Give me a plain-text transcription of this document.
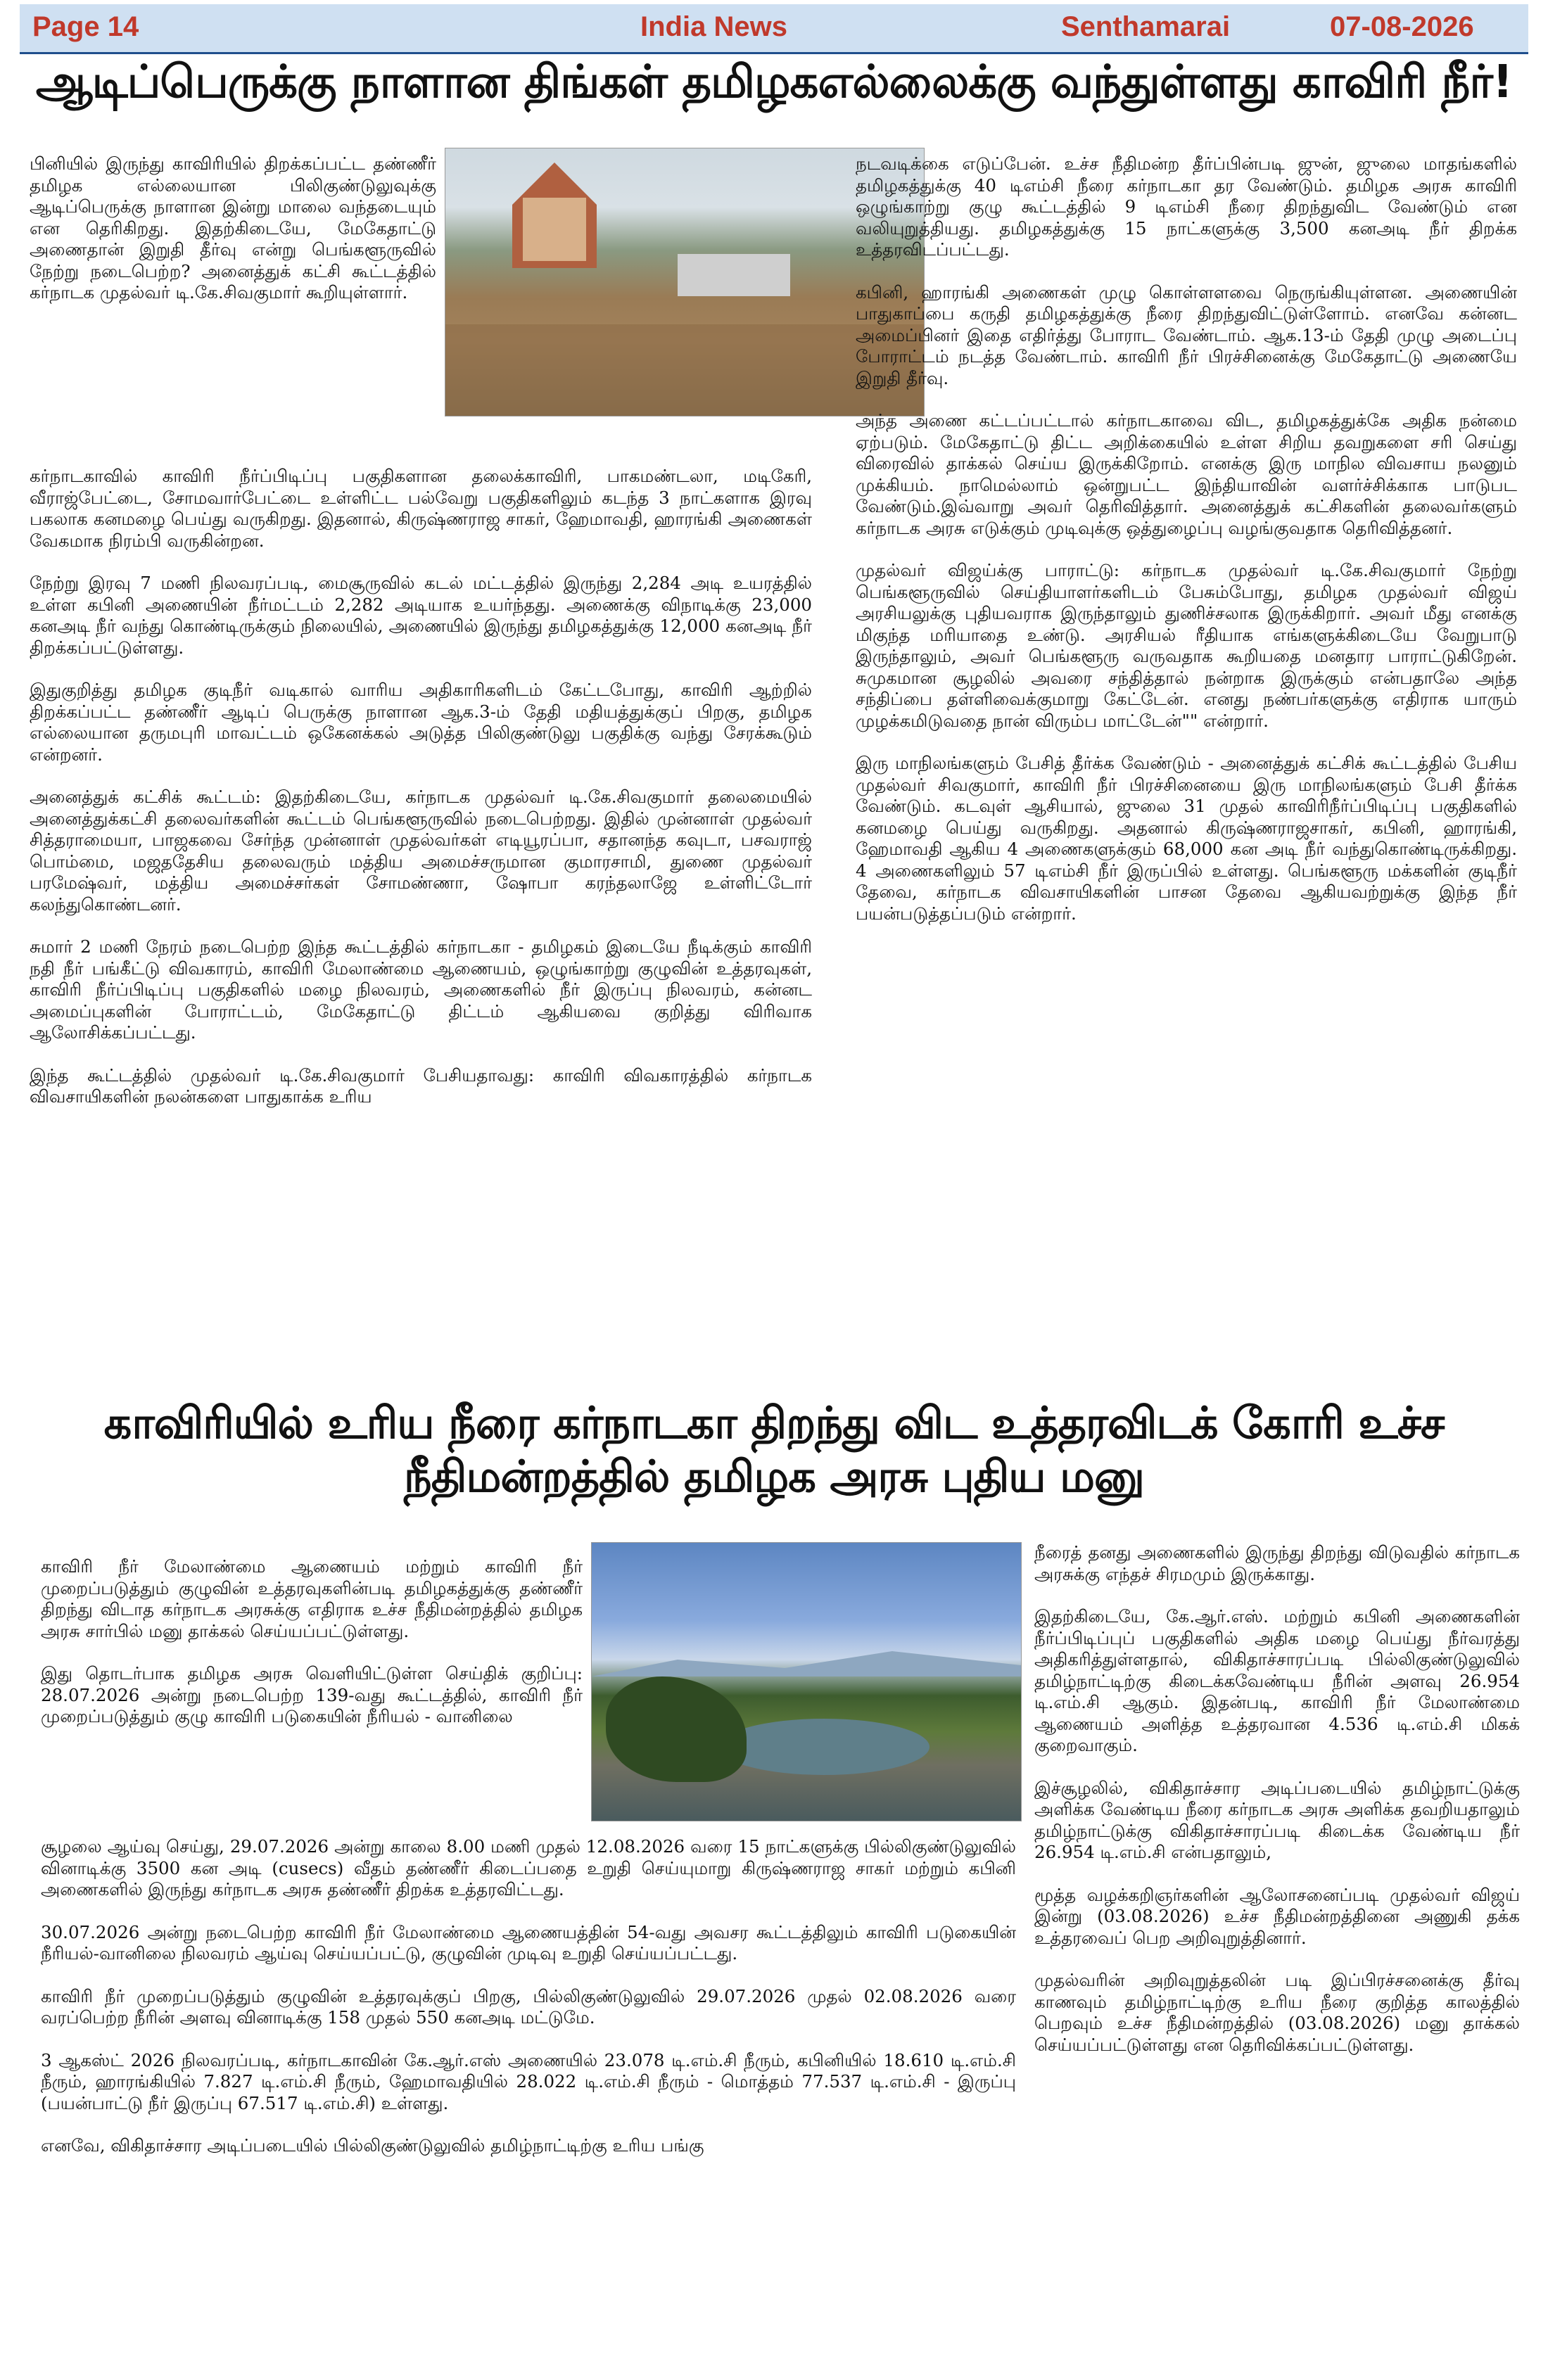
Page 14	India News	Senthamarai	07-08-2026
ஆடிப்பெருக்கு நாளான திங்கள் தமிழகஎல்லைக்கு வந்துள்ளது காவிரி நீர்!

பினியில் இருந்து காவிரியில் திறக்கப்பட்ட தண்ணீர் தமிழக எல்லையான பிலிகுண்டுலுவுக்கு ஆடிப்பெருக்கு நாளான இன்று மாலை வந்தடையும் என தெரிகிறது. இதற்கிடையே, மேகேதாட்டு அணைதான் இறுதி தீர்வு என்று பெங்களூருவில் நேற்று நடைபெற்ற? அனைத்துக் கட்சி கூட்டத்தில் கர்நாடக முதல்வர் டி.கே.சிவகுமார் கூறியுள்ளார்.

கர்நாடகாவில் காவிரி நீர்ப்பிடிப்பு பகுதிகளான தலைக்காவிரி, பாகமண்டலா, மடிகேரி, வீராஜ்பேட்டை, சோமவார்பேட்டை உள்ளிட்ட பல்வேறு பகுதிகளிலும் கடந்த 3 நாட்களாக இரவு பகலாக கனமழை பெய்து வருகிறது. இதனால், கிருஷ்ணராஜ சாகர், ஹேமாவதி, ஹாரங்கி அணைகள் வேகமாக நிரம்பி வருகின்றன.

நேற்று இரவு 7 மணி நிலவரப்படி, மைசூருவில் கடல் மட்டத்தில் இருந்து 2,284 அடி உயரத்தில் உள்ள கபினி அணையின் நீர்மட்டம் 2,282 அடியாக உயர்ந்தது. அணைக்கு விநாடிக்கு 23,000 கனஅடி நீர் வந்து கொண்டிருக்கும் நிலையில், அணையில் இருந்து தமிழகத்துக்கு 12,000 கனஅடி நீர் திறக்கப்பட்டுள்ளது.

இதுகுறித்து தமிழக குடிநீர் வடிகால் வாரிய அதிகாரிகளிடம் கேட்டபோது, காவிரி ஆற்றில் திறக்கப்பட்ட தண்ணீர் ஆடிப் பெருக்கு நாளான ஆக.3-ம் தேதி மதியத்துக்குப் பிறகு, தமிழக எல்லையான தருமபுரி மாவட்டம் ஒகேனக்கல் அடுத்த பிலிகுண்டுலு பகுதிக்கு வந்து சேரக்கூடும் என்றனர்.

அனைத்துக் கட்சிக் கூட்டம்: இதற்கிடையே, கர்நாடக முதல்வர் டி.கே.சிவகுமார் தலைமையில் அனைத்துக்கட்சி தலைவர்களின் கூட்டம் பெங்களூருவில் நடைபெற்றது. இதில் முன்னாள் முதல்வர் சித்தராமையா, பாஜகவை சேர்ந்த முன்னாள் முதல்வர்கள் எடியூரப்பா, சதானந்த கவுடா, பசவராஜ் பொம்மை, மஜததேசிய தலைவரும் மத்திய அமைச்சருமான குமாரசாமி, துணை முதல்வர் பரமேஷ்வர், மத்திய அமைச்சர்கள் சோமண்ணா, ஷோபா கரந்தலாஜே உள்ளிட்டோர் கலந்துகொண்டனர்.

சுமார் 2 மணி நேரம் நடைபெற்ற இந்த கூட்டத்தில் கர்நாடகா - தமிழகம் இடையே நீடிக்கும் காவிரி நதி நீர் பங்கீட்டு விவகாரம், காவிரி மேலாண்மை ஆணையம், ஒழுங்காற்று குழுவின் உத்தரவுகள், காவிரி நீர்ப்பிடிப்பு பகுதிகளில் மழை நிலவரம், அணைகளில் நீர் இருப்பு நிலவரம், கன்னட அமைப்புகளின் போராட்டம், மேகேதாட்டு திட்டம் ஆகியவை குறித்து விரிவாக ஆலோசிக்கப்பட்டது.

இந்த கூட்டத்தில் முதல்வர் டி.கே.சிவகுமார் பேசியதாவது: காவிரி விவகாரத்தில் கர்நாடக விவசாயிகளின் நலன்களை பாதுகாக்க உரிய

நடவடிக்கை எடுப்பேன். உச்ச நீதிமன்ற தீர்ப்பின்படி ஜுன், ஜுலை மாதங்களில் தமிழகத்துக்கு 40 டிஎம்சி நீரை கர்நாடகா தர வேண்டும். தமிழக அரசு காவிரி ஒழுங்காற்று குழு கூட்டத்தில் 9 டிஎம்சி நீரை திறந்துவிட வேண்டும் என வலியுறுத்தியது. தமிழகத்துக்கு 15 நாட்களுக்கு 3,500 கனஅடி நீர் திறக்க உத்தரவிடப்பட்டது.

கபினி, ஹாரங்கி அணைகள் முழு கொள்ளளவை நெருங்கியுள்ளன. அணையின் பாதுகாப்பை கருதி தமிழகத்துக்கு நீரை திறந்துவிட்டுள்ளோம். எனவே கன்னட அமைப்பினர் இதை எதிர்த்து போராட வேண்டாம். ஆக.13-ம் தேதி முழு அடைப்பு போராட்டம் நடத்த வேண்டாம். காவிரி நீர் பிரச்சினைக்கு மேகேதாட்டு அணையே இறுதி தீர்வு.

அந்த அணை கட்டப்பட்டால் கர்நாடகாவை விட, தமிழகத்துக்கே அதிக நன்மை ஏற்படும். மேகேதாட்டு திட்ட அறிக்கையில் உள்ள சிறிய தவறுகளை சரி செய்து விரைவில் தாக்கல் செய்ய இருக்கிறோம். எனக்கு இரு மாநில விவசாய நலனும் முக்கியம். நாமெல்லாம் ஒன்றுபட்ட இந்தியாவின் வளர்ச்சிக்காக பாடுபட வேண்டும்.இவ்வாறு அவர் தெரிவித்தார். அனைத்துக் கட்சிகளின் தலைவர்களும் கர்நாடக அரசு எடுக்கும் முடிவுக்கு ஒத்துழைப்பு வழங்குவதாக தெரிவித்தனர்.

முதல்வர் விஜய்க்கு பாராட்டு: கர்நாடக முதல்வர் டி.கே.சிவகுமார் நேற்று பெங்களூருவில் செய்தியாளர்களிடம் பேசும்போது, தமிழக முதல்வர் விஜய் அரசியலுக்கு புதியவராக இருந்தாலும் துணிச்சலாக இருக்கிறார். அவர் மீது எனக்கு மிகுந்த மரியாதை உண்டு. அரசியல் ரீதியாக எங்களுக்கிடையே வேறுபாடு இருந்தாலும், அவர் பெங்களூரு வருவதாக கூறியதை மனதார பாராட்டுகிறேன். சுமுகமான சூழலில் அவரை சந்தித்தால் நன்றாக இருக்கும் என்பதாலே அந்த சந்திப்பை தள்ளிவைக்குமாறு கேட்டேன். எனது நண்பர்களுக்கு எதிராக யாரும் முழக்கமிடுவதை நான் விரும்ப மாட்டேன்"" என்றார்.

இரு மாநிலங்களும் பேசித் தீர்க்க வேண்டும் - அனைத்துக் கட்சிக் கூட்டத்தில் பேசிய முதல்வர் சிவகுமார், காவிரி நீர் பிரச்சினையை இரு மாநிலங்களும் பேசி தீர்க்க வேண்டும். கடவுள் ஆசியால், ஜுலை 31 முதல் காவிரிநீர்ப்பிடிப்பு பகுதிகளில் கனமழை பெய்து வருகிறது. அதனால் கிருஷ்ணராஜசாகர், கபினி, ஹாரங்கி, ஹேமாவதி ஆகிய 4 அணைகளுக்கும் 68,000 கன அடி நீர் வந்துகொண்டிருக்கிறது. 4 அணைகளிலும் 57 டிஎம்சி நீர் இருப்பில் உள்ளது. பெங்களூரு மக்களின் குடிநீர் தேவை, கர்நாடக விவசாயிகளின் பாசன தேவை ஆகியவற்றுக்கு இந்த நீர் பயன்படுத்தப்படும் என்றார்.

காவிரியில் உரிய நீரை கர்நாடகா திறந்து விட உத்தரவிடக் கோரி உச்ச நீதிமன்றத்தில் தமிழக அரசு புதிய மனு

காவிரி நீர் மேலாண்மை ஆணையம் மற்றும் காவிரி நீர் முறைப்படுத்தும் குழுவின் உத்தரவுகளின்படி தமிழகத்துக்கு தண்ணீர் திறந்து விடாத கர்நாடக அரசுக்கு எதிராக உச்ச நீதிமன்றத்தில் தமிழக அரசு சார்பில் மனு தாக்கல் செய்யப்பட்டுள்ளது.

இது தொடர்பாக தமிழக அரசு வெளியிட்டுள்ள செய்திக் குறிப்பு: 28.07.2026 அன்று நடைபெற்ற 139-வது கூட்டத்தில், காவிரி நீர் முறைப்படுத்தும் குழு காவிரி படுகையின் நீரியல் - வானிலை

சூழலை ஆய்வு செய்து, 29.07.2026 அன்று காலை 8.00 மணி முதல் 12.08.2026 வரை 15 நாட்களுக்கு பில்லிகுண்டுலுவில் வினாடிக்கு 3500 கன அடி (cusecs) வீதம் தண்ணீர் கிடைப்பதை உறுதி செய்யுமாறு கிருஷ்ணராஜ சாகர் மற்றும் கபினி அணைகளில் இருந்து கர்நாடக அரசு தண்ணீர் திறக்க உத்தரவிட்டது.

30.07.2026 அன்று நடைபெற்ற காவிரி நீர் மேலாண்மை ஆணையத்தின் 54-வது அவசர கூட்டத்திலும் காவிரி படுகையின் நீரியல்-வானிலை நிலவரம் ஆய்வு செய்யப்பட்டு, குழுவின் முடிவு உறுதி செய்யப்பட்டது.

காவிரி நீர் முறைப்படுத்தும் குழுவின் உத்தரவுக்குப் பிறகு, பில்லிகுண்டுலுவில் 29.07.2026 முதல் 02.08.2026 வரை வரப்பெற்ற நீரின் அளவு வினாடிக்கு 158 முதல் 550 கனஅடி மட்டுமே.

3 ஆகஸ்ட் 2026 நிலவரப்படி, கர்நாடகாவின் கே.ஆர்.எஸ் அணையில் 23.078 டி.எம்.சி நீரும், கபினியில் 18.610 டி.எம்.சி நீரும், ஹாரங்கியில் 7.827 டி.எம்.சி நீரும், ஹேமாவதியில் 28.022 டி.எம்.சி நீரும் - மொத்தம் 77.537 டி.எம்.சி - இருப்பு (பயன்பாட்டு நீர் இருப்பு 67.517 டி.எம்.சி) உள்ளது.

எனவே, விகிதாச்சார அடிப்படையில் பில்லிகுண்டுலுவில் தமிழ்நாட்டிற்கு உரிய பங்கு

நீரைத் தனது அணைகளில் இருந்து திறந்து விடுவதில் கர்நாடக அரசுக்கு எந்தச் சிரமமும் இருக்காது.

இதற்கிடையே, கே.ஆர்.எஸ். மற்றும் கபினி அணைகளின் நீர்ப்பிடிப்புப் பகுதிகளில் அதிக மழை பெய்து நீர்வரத்து அதிகரித்துள்ளதால், விகிதாச்சாரப்படி பில்லிகுண்டுலுவில் தமிழ்நாட்டிற்கு கிடைக்கவேண்டிய நீரின் அளவு 26.954 டி.எம்.சி ஆகும். இதன்படி, காவிரி நீர் மேலாண்மை ஆணையம் அளித்த உத்தரவான 4.536 டி.எம்.சி மிகக் குறைவாகும்.

இச்சூழலில், விகிதாச்சார அடிப்படையில் தமிழ்நாட்டுக்கு அளிக்க வேண்டிய நீரை கர்நாடக அரசு அளிக்க தவறியதாலும் தமிழ்நாட்டுக்கு விகிதாச்சாரப்படி கிடைக்க வேண்டிய நீர் 26.954 டி.எம்.சி என்பதாலும்,

மூத்த வழக்கறிஞர்களின் ஆலோசனைப்படி முதல்வர் விஜய் இன்று (03.08.2026) உச்ச நீதிமன்றத்தினை அணுகி தக்க உத்தரவைப் பெற அறிவுறுத்தினார்.

முதல்வரின் அறிவுறுத்தலின் படி இப்பிரச்சனைக்கு தீர்வு காணவும் தமிழ்நாட்டிற்கு உரிய நீரை குறித்த காலத்தில் பெறவும் உச்ச நீதிமன்றத்தில் (03.08.2026) மனு தாக்கல் செய்யப்பட்டுள்ளது என தெரிவிக்கப்பட்டுள்ளது.
